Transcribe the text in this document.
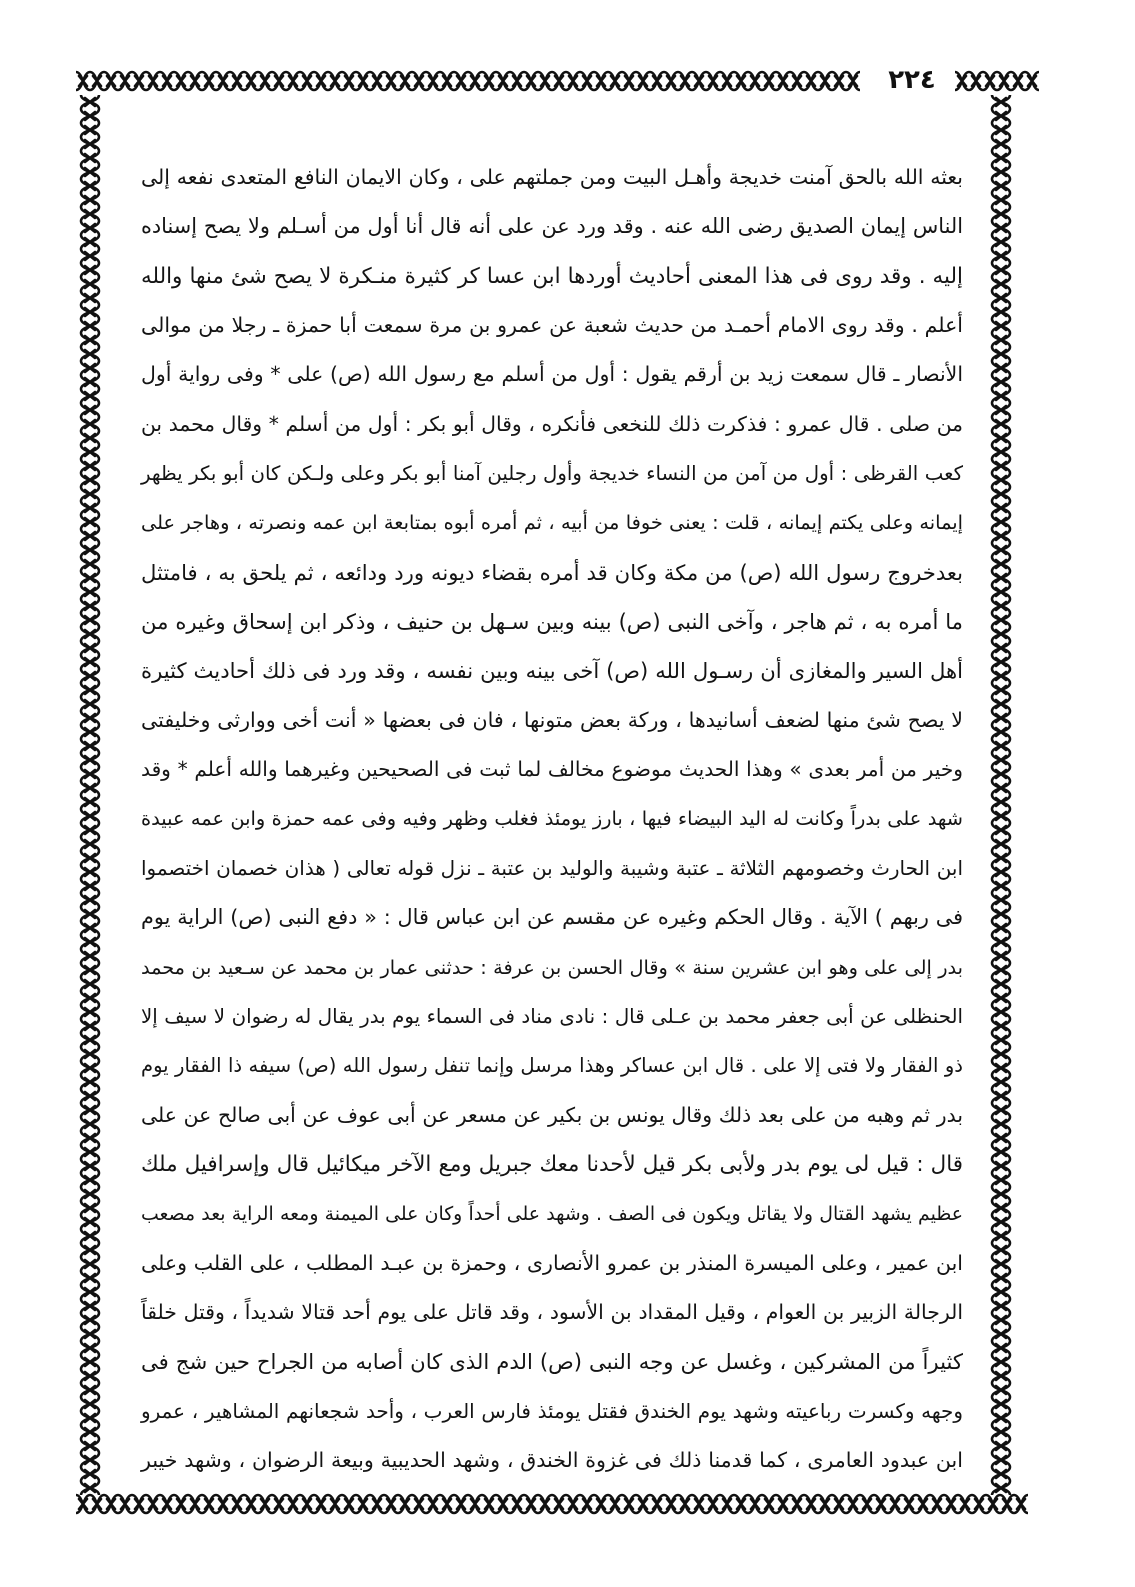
٢٢٤
بعثه الله بالحق آمنت خديجة وأهـل البيت ومن جملتهم على ، وكان الايمان النافع المتعدى نفعه إلى
الناس إيمان الصديق رضى الله عنه . وقد ورد عن على أنه قال أنا أول من أسـلم ولا يصح إسناده
إليه . وقد روى فى هذا المعنى أحاديث أوردها ابن عسا كر كثيرة منـكرة لا يصح شئ منها والله
أعلم . وقد روى الامام أحمـد من حديث شعبة عن عمرو بن مرة سمعت أبا حمزة ـ رجلا من موالى
الأنصار ـ قال سمعت زيد بن أرقم يقول : أول من أسلم مع رسول الله (ص) على * وفى رواية أول
من صلى . قال عمرو : فذكرت ذلك للنخعى فأنكره ، وقال أبو بكر : أول من أسلم * وقال محمد بن
كعب القرظى : أول من آمن من النساء خديجة وأول رجلين آمنا أبو بكر وعلى ولـكن كان أبو بكر يظهر
إيمانه وعلى يكتم إيمانه ، قلت : يعنى خوفا من أبيه ، ثم أمره أبوه بمتابعة ابن عمه ونصرته ، وهاجر على
بعدخروج رسول الله (ص) من مكة وكان قد أمره بقضاء ديونه ورد ودائعه ، ثم يلحق به ، فامتثل
ما أمره به ، ثم هاجر ، وآخى النبى (ص) بينه وبين سـهل بن حنيف ، وذكر ابن إسحاق وغيره من
أهل السير والمغازى أن رسـول الله (ص) آخى بينه وبين نفسه ، وقد ورد فى ذلك أحاديث كثيرة
لا يصح شئ منها لضعف أسانيدها ، وركة بعض متونها ، فان فى بعضها « أنت أخى ووارثى وخليفتى
وخير من أمر بعدى » وهذا الحديث موضوع مخالف لما ثبت فى الصحيحين وغيرهما والله أعلم * وقد
شهد على بدراً وكانت له اليد البيضاء فيها ، بارز يومئذ فغلب وظهر وفيه وفى عمه حمزة وابن عمه عبيدة
ابن الحارث وخصومهم الثلاثة ـ عتبة وشيبة والوليد بن عتبة ـ نزل قوله تعالى ( هذان خصمان اختصموا
فى ربهم ) الآية . وقال الحكم وغيره عن مقسم عن ابن عباس قال : « دفع النبى (ص) الراية يوم
بدر إلى على وهو ابن عشرين سنة » وقال الحسن بن عرفة : حدثنى عمار بن محمد عن سـعيد بن محمد
الحنظلى عن أبى جعفر محمد بن عـلى قال : نادى مناد فى السماء يوم بدر يقال له رضوان لا سيف إلا
ذو الفقار ولا فتى إلا على . قال ابن عساكر وهذا مرسل وإنما تنفل رسول الله (ص) سيفه ذا الفقار يوم
بدر ثم وهبه من على بعد ذلك وقال يونس بن بكير عن مسعر عن أبى عوف عن أبى صالح عن على
قال : قيل لى يوم بدر ولأبى بكر قيل لأحدنا معك جبريل ومع الآخر ميكائيل قال وإسرافيل ملك
عظيم يشهد القتال ولا يقاتل ويكون فى الصف . وشهد على أحداً وكان على الميمنة ومعه الراية بعد مصعب
ابن عمير ، وعلى الميسرة المنذر بن عمرو الأنصارى ، وحمزة بن عبـد المطلب ، على القلب وعلى
الرجالة الزبير بن العوام ، وقيل المقداد بن الأسود ، وقد قاتل على يوم أحد قتالا شديداً ، وقتل خلقاً
كثيراً من المشركين ، وغسل عن وجه النبى (ص) الدم الذى كان أصابه من الجراح حين شج فى
وجهه وكسرت رباعيته وشهد يوم الخندق فقتل يومئذ فارس العرب ، وأحد شجعانهم المشاهير ، عمرو
ابن عبدود العامرى ، كما قدمنا ذلك فى غزوة الخندق ، وشهد الحديبية وبيعة الرضوان ، وشهد خيبر
